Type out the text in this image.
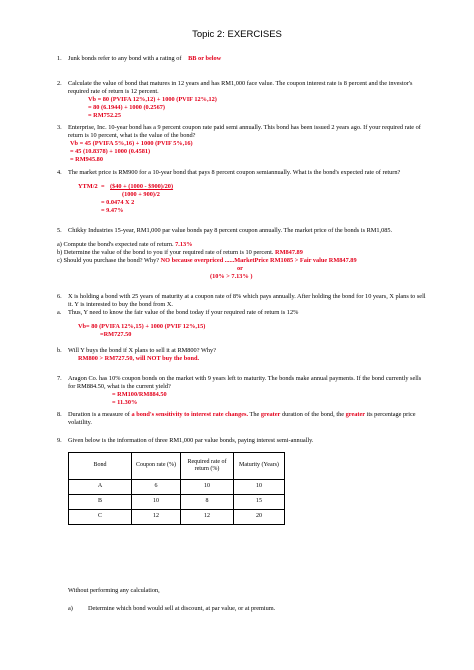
Topic 2: EXERCISES
1. Junk bonds refer to any bond with a rating of BB or below
2. Calculate the value of bond that matures in 12 years and has RM1,000 face value. The coupon interest rate is 8 percent and the investor's
required rate of return is 12 percent.
Vb = 80 (PVIFA 12%,12) + 1000 (PVIF 12%,12)
= 80 (6.1944) + 1000 (0.2567)
= RM752.25
3. Enterprise, Inc. 10-year bond has a 9 percent coupon rate paid semi annually. This bond has been issued 2 years ago. If your required rate of
return is 10 percent, what is the value of the bond?
Vb = 45 (PVIFA 5%,16) + 1000 (PVIF 5%,16)
= 45 (10.8378) + 1000 (0.4581)
= RM945.80
4. The market price is RM900 for a 10-year bond that pays 8 percent coupon semiannually. What is the bond's expected rate of return?
YTM/2 = ($40 + (1000 - $900)/20)
(1000 + 900)/2
= 0.0474 X 2
= 9.47%
5. Chikky Industries 15-year, RM1,000 par value bonds pay 8 percent coupon annually. The market price of the bonds is RM1,085.
a) Compute the bond's expected rate of return. 7.13%
b) Determine the value of the bond to you if your required rate of return is 10 percent. RM847.89
c) Should you purchase the bond? Why? NO because overpriced ......MarketPrice RM1085 > Fair value RM847.89
or
(10% > 7.13% )
6. X is holding a bond with 25 years of maturity at a coupon rate of 8% which pays annually. After holding the bond for 10 years, X plans to sell
it. Y is interested to buy the bond from X.
a. Thus, Y need to know the fair value of the bond today if your required rate of return is 12%
Vb= 80 (PVIFA 12%,15) + 1000 (PVIF 12%,15)
=RM727.50
b. Will Y buys the bond if X plans to sell it at RM800? Why?
RM800 > RM727.50, will NOT buy the bond.
7. Aragon Co. has 10% coupon bonds on the market with 9 years left to maturity. The bonds make annual payments. If the bond currently sells
for RM884.50, what is the current yield?
= RM100/RM884.50
= 11.30%
8. Duration is a measure of a bond's sensitivity to interest rate changes. The greater duration of the bond, the greater its percentage price
volatility.
9. Given below is the information of three RM1,000 par value bonds, paying interest semi-annually.
Bond	Coupon rate (%)	Required rate of return (%)	Maturity (Years)
A	6	10	10
B	10	8	15
C	12	12	20
Without performing any calculation,
a) Determine which bond would sell at discount, at par value, or at premium.
